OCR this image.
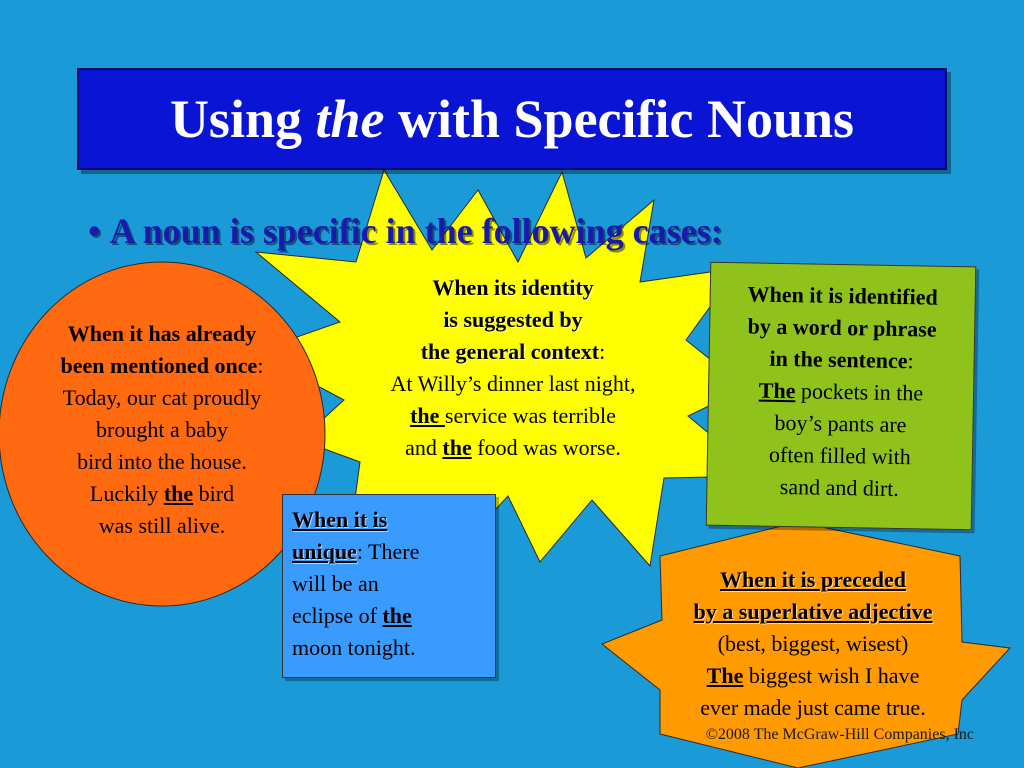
Using the with Specific Nouns
• A noun is specific in the following cases:
When it has already
been mentioned once:
Today, our cat proudly
brought a baby
bird into the house.
Luckily the bird
was still alive.
When its identity
is suggested by
the general context:
At Willy’s dinner last night,
the service was terrible
and the food was worse.
When it is identified
by a word or phrase
in the sentence:
The pockets in the
boy’s pants are
often filled with
sand and dirt.
When it is
unique: There
will be an
eclipse of the
moon tonight.
©2008 The McGraw-Hill Companies, Inc
When it is preceded
by a superlative adjective
(best, biggest, wisest)
The biggest wish I have
ever made just came true.
